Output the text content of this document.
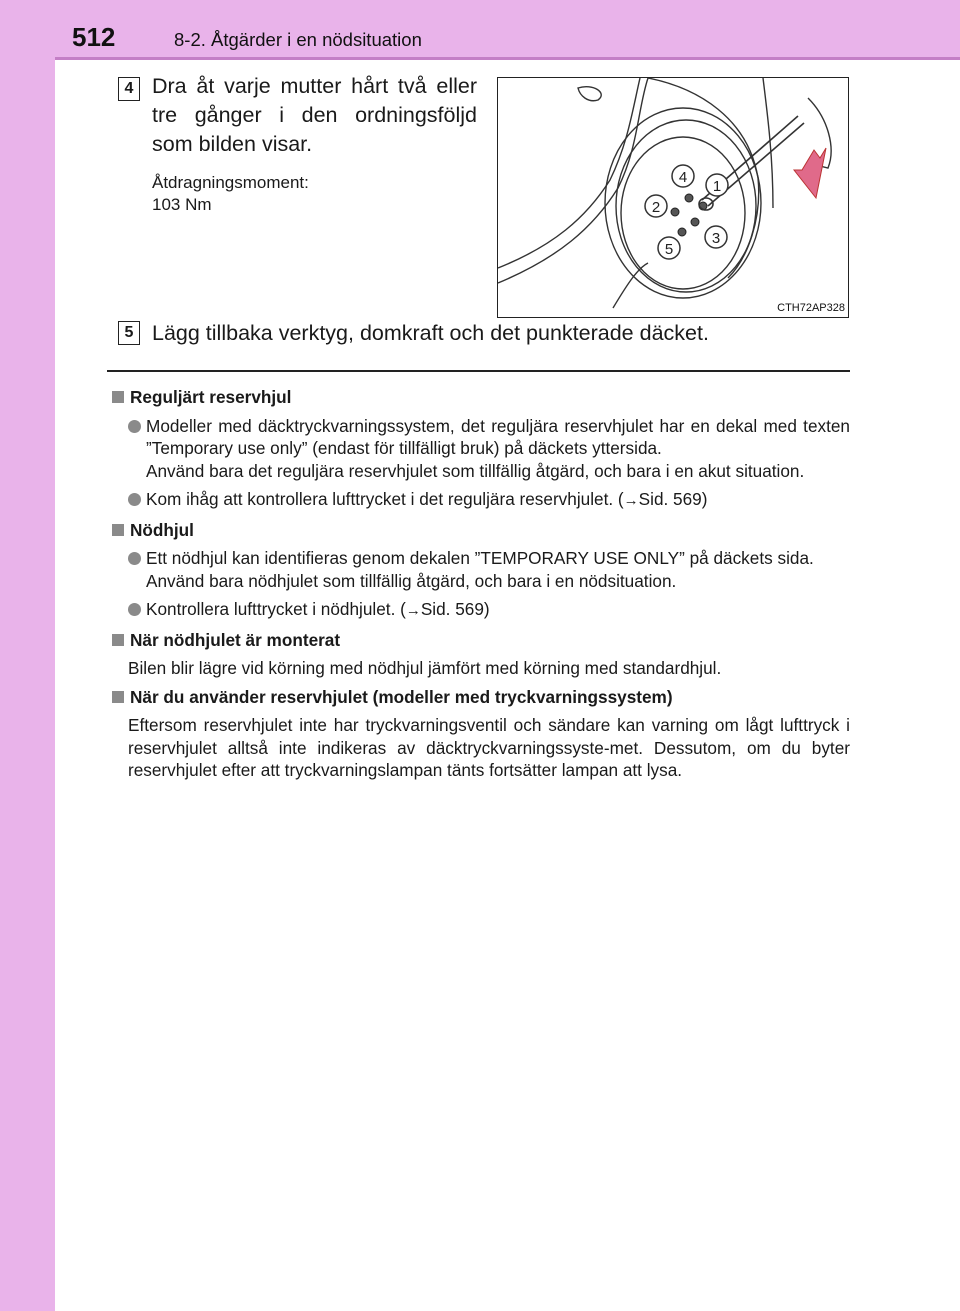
512	8-2. Åtgärder i en nödsituation
4 Dra åt varje mutter hårt två eller tre gånger i den ordningsföljd som bilden visar.
Åtdragningsmoment:
103 Nm
4
1
2
3
5
CTH72AP328
5 Lägg tillbaka verktyg, domkraft och det punkterade däcket.
Reguljärt reservhjul
Modeller med däcktryckvarningssystem, det reguljära reservhjulet har en dekal med texten ”Temporary use only” (endast för tillfälligt bruk) på däckets yttersida.
Använd bara det reguljära reservhjulet som tillfällig åtgärd, och bara i en akut situation.
Kom ihåg att kontrollera lufttrycket i det reguljära reservhjulet. (→Sid. 569)
Nödhjul
Ett nödhjul kan identifieras genom dekalen ”TEMPORARY USE ONLY” på däckets sida.
Använd bara nödhjulet som tillfällig åtgärd, och bara i en nödsituation.
Kontrollera lufttrycket i nödhjulet. (→Sid. 569)
När nödhjulet är monterat
Bilen blir lägre vid körning med nödhjul jämfört med körning med standardhjul.
När du använder reservhjulet (modeller med tryckvarningssystem)
Eftersom reservhjulet inte har tryckvarningsventil och sändare kan varning om lågt lufttryck i reservhjulet alltså inte indikeras av däcktryckvarningssyste-met. Dessutom, om du byter reservhjulet efter att tryckvarningslampan tänts fortsätter lampan att lysa.
